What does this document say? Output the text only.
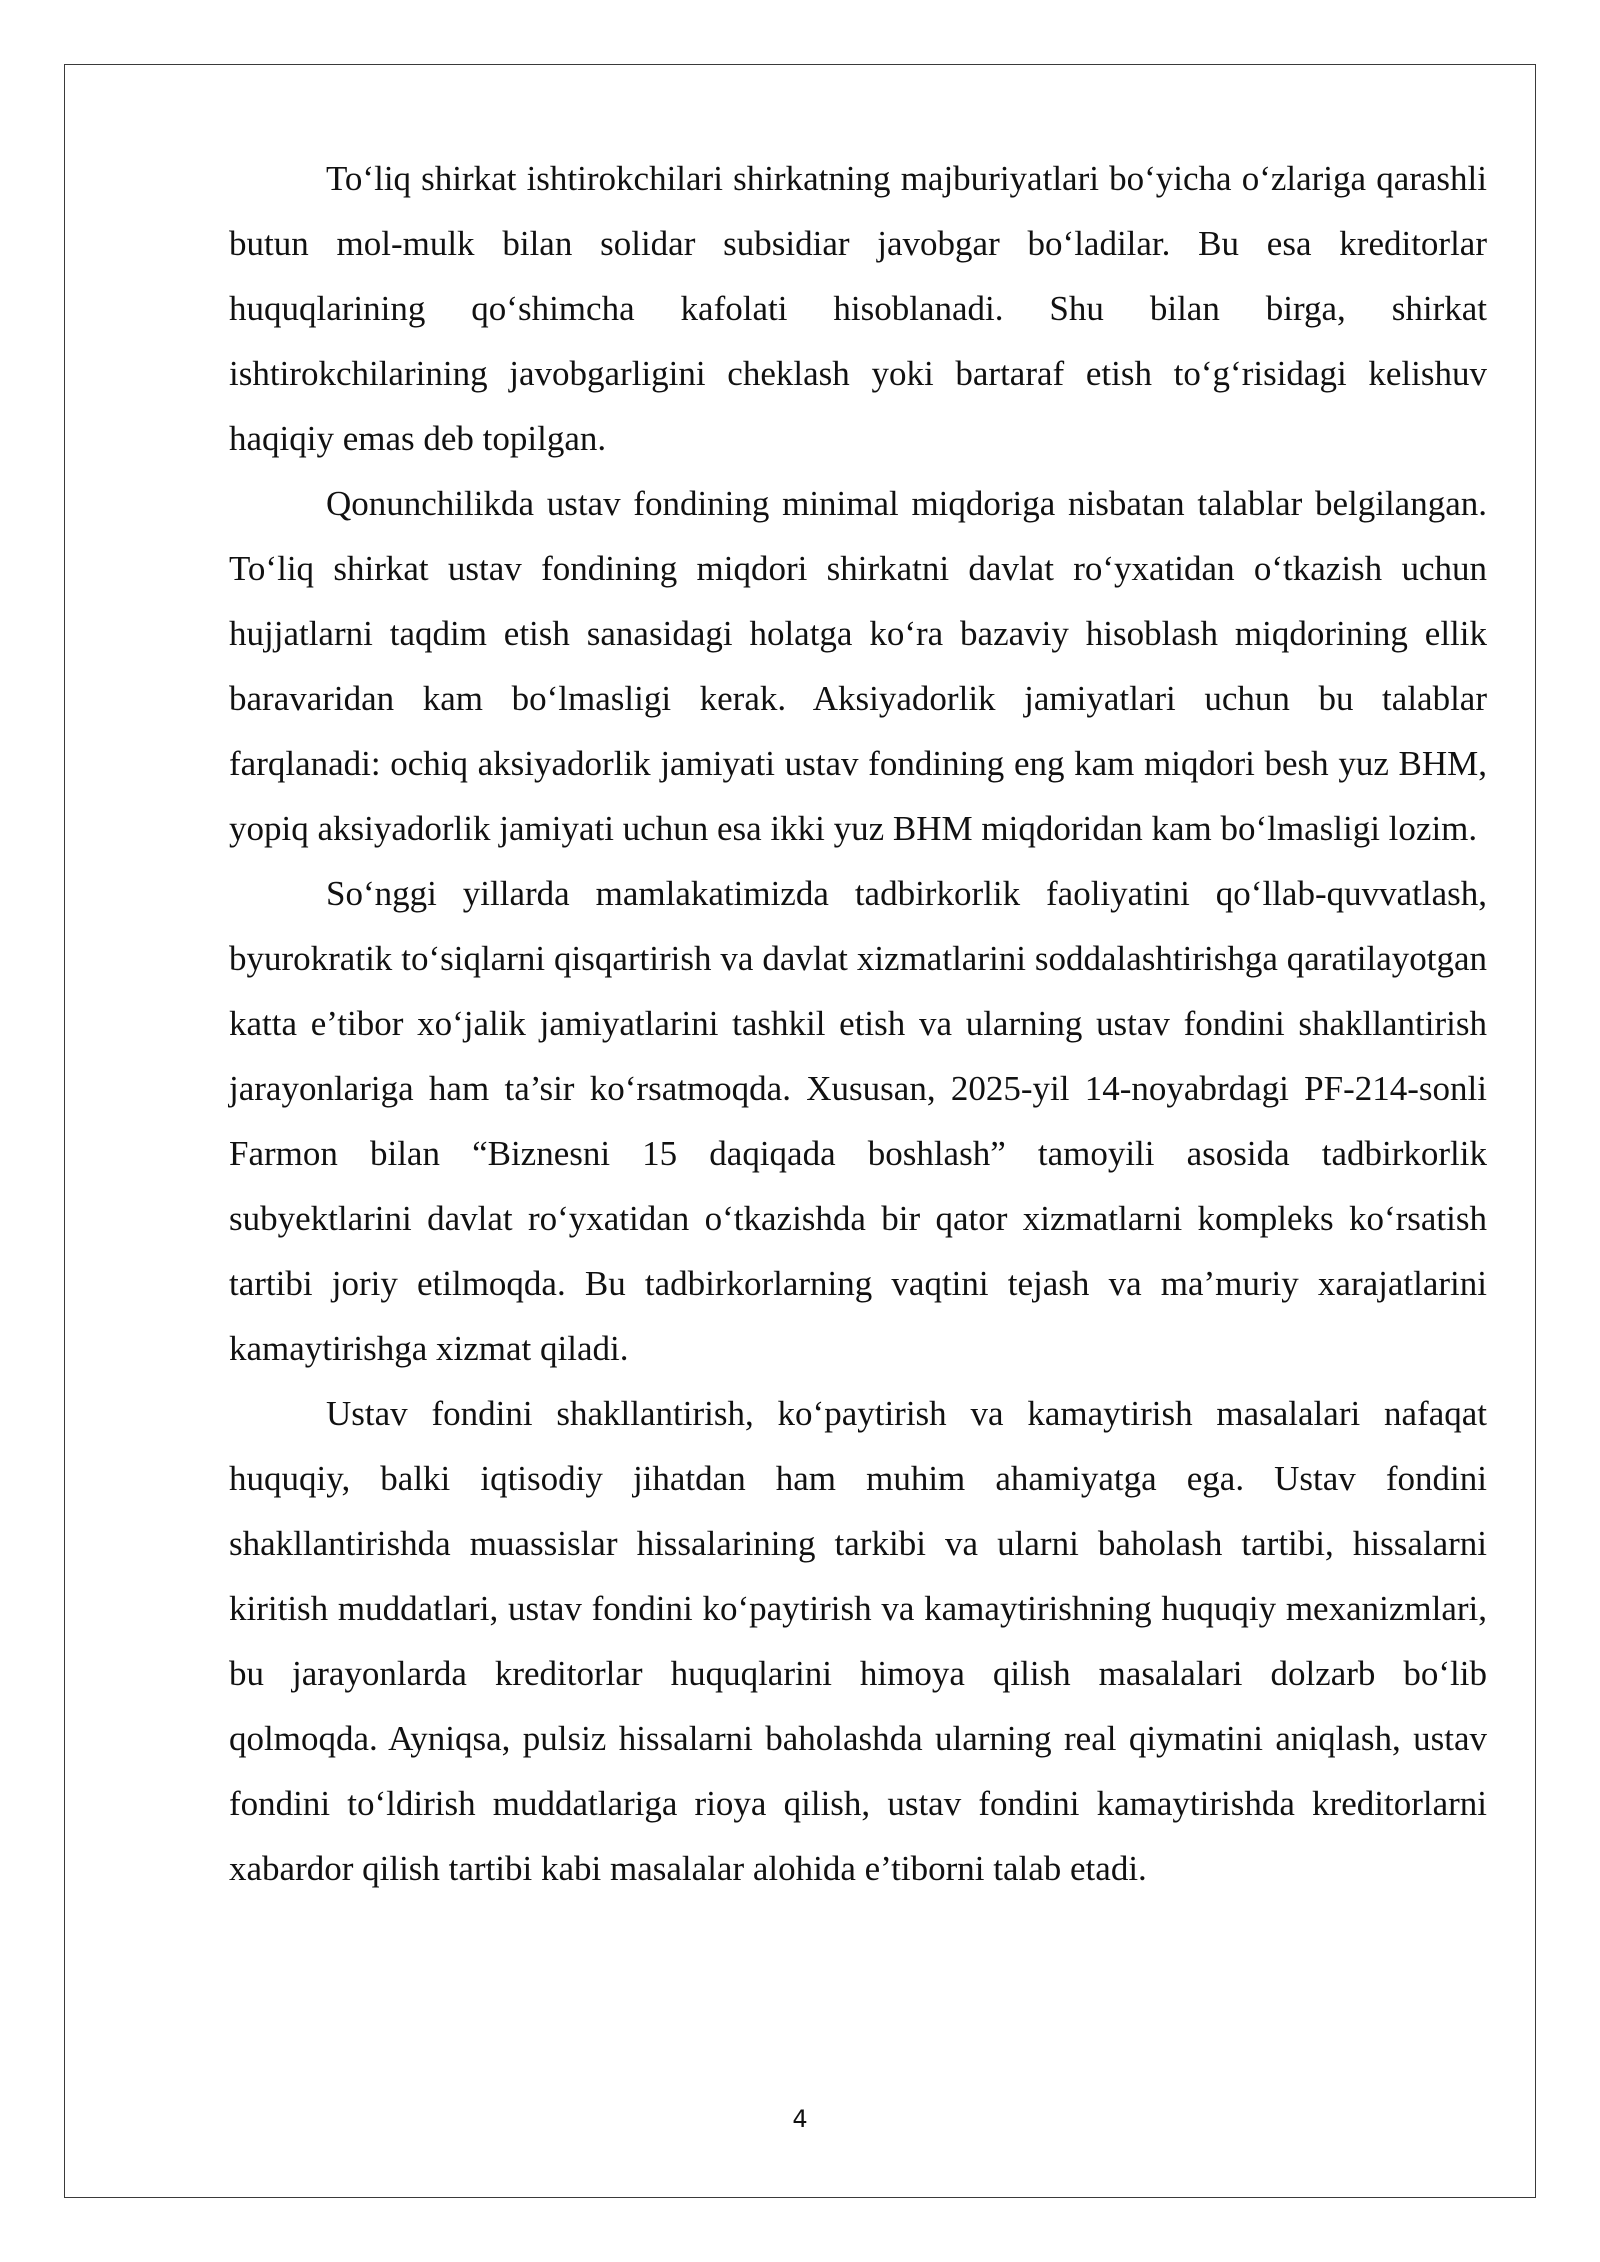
To‘liq shirkat ishtirokchilari shirkatning majburiyatlari bo‘yicha o‘zlariga qarashli butun mol-mulk bilan solidar subsidiar javobgar bo‘ladilar. Bu esa kreditorlar huquqlarining qo‘shimcha kafolati hisoblanadi. Shu bilan birga, shirkat ishtirokchilarining javobgarligini cheklash yoki bartaraf etish to‘g‘risidagi kelishuv haqiqiy emas deb topilgan.

Qonunchilikda ustav fondining minimal miqdoriga nisbatan talablar belgilangan. To‘liq shirkat ustav fondining miqdori shirkatni davlat ro‘yxatidan o‘tkazish uchun hujjatlarni taqdim etish sanasidagi holatga ko‘ra bazaviy hisoblash miqdorining ellik baravaridan kam bo‘lmasligi kerak. Aksiyadorlik jamiyatlari uchun bu talablar farqlanadi: ochiq aksiyadorlik jamiyati ustav fondining eng kam miqdori besh yuz BHM, yopiq aksiyadorlik jamiyati uchun esa ikki yuz BHM miqdoridan kam bo‘lmasligi lozim.

So‘nggi yillarda mamlakatimizda tadbirkorlik faoliyatini qo‘llab-quvvatlash, byurokratik to‘siqlarni qisqartirish va davlat xizmatlarini soddalashtirishga qaratilayotgan katta e’tibor xo‘jalik jamiyatlarini tashkil etish va ularning ustav fondini shakllantirish jarayonlariga ham ta’sir ko‘rsatmoqda. Xususan, 2025-yil 14-noyabrdagi PF-214-sonli Farmon bilan “Biznesni 15 daqiqada boshlash” tamoyili asosida tadbirkorlik subyektlarini davlat ro‘yxatidan o‘tkazishda bir qator xizmatlarni kompleks ko‘rsatish tartibi joriy etilmoqda. Bu tadbirkorlarning vaqtini tejash va ma’muriy xarajatlarini kamaytirishga xizmat qiladi.

Ustav fondini shakllantirish, ko‘paytirish va kamaytirish masalalari nafaqat huquqiy, balki iqtisodiy jihatdan ham muhim ahamiyatga ega. Ustav fondini shakllantirishda muassislar hissalarining tarkibi va ularni baholash tartibi, hissalarni kiritish muddatlari, ustav fondini ko‘paytirish va kamaytirishning huquqiy mexanizmlari, bu jarayonlarda kreditorlar huquqlarini himoya qilish masalalari dolzarb bo‘lib qolmoqda. Ayniqsa, pulsiz hissalarni baholashda ularning real qiymatini aniqlash, ustav fondini to‘ldirish muddatlariga rioya qilish, ustav fondini kamaytirishda kreditorlarni xabardor qilish tartibi kabi masalalar alohida e’tiborni talab etadi.

4
